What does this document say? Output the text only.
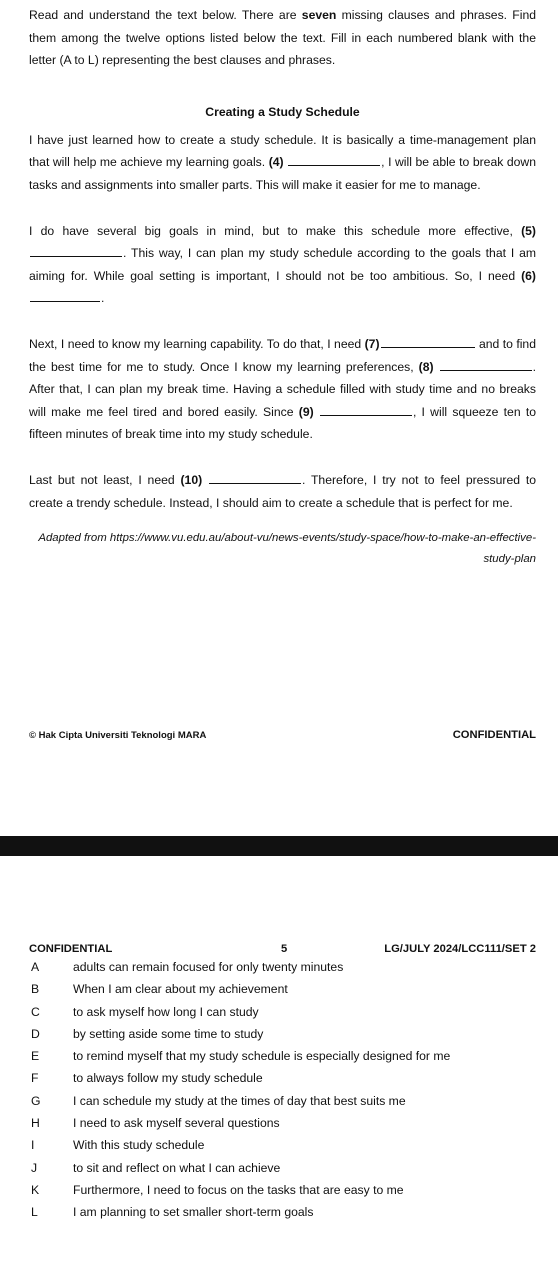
Read and understand the text below. There are seven missing clauses and phrases. Find them among the twelve options listed below the text. Fill in each numbered blank with the letter (A to L) representing the best clauses and phrases.

Creating a Study Schedule

I have just learned how to create a study schedule. It is basically a time-management plan that will help me achieve my learning goals. (4)	, I will be able to break down tasks and assignments into smaller parts. This will make it easier for me to manage.

I do have several big goals in mind, but to make this schedule more effective, (5) . This way, I can plan my study schedule according to the goals that I am aiming for. While goal setting is important, I should not be too ambitious. So, I need (6) .

Next, I need to know my learning capability. To do that, I need (7)	and to find the best time for me to study. Once I know my learning preferences, (8)	. After that, I can plan my break time. Having a schedule filled with study time and no breaks will make me feel tired and bored easily. Since (9)	, I will squeeze ten to fifteen minutes of break time into my study schedule.

Last but not least, I need (10)	. Therefore, I try not to feel pressured to create a trendy schedule. Instead, I should aim to create a schedule that is perfect for me.

Adapted from https://www.vu.edu.au/about-vu/news-events/study-space/how-to-make-an-effective-study-plan

© Hak Cipta Universiti Teknologi MARA	CONFIDENTIAL
CONFIDENTIAL	5	LG/JULY 2024/LCC111/SET 2
A	adults can remain focused for only twenty minutes
B	When I am clear about my achievement
C	to ask myself how long I can study
D	by setting aside some time to study
E	to remind myself that my study schedule is especially designed for me
F	to always follow my study schedule
G	I can schedule my study at the times of day that best suits me
H	I need to ask myself several questions
I	With this study schedule
J	to sit and reflect on what I can achieve
K	Furthermore, I need to focus on the tasks that are easy to me
L	I am planning to set smaller short-term goals
